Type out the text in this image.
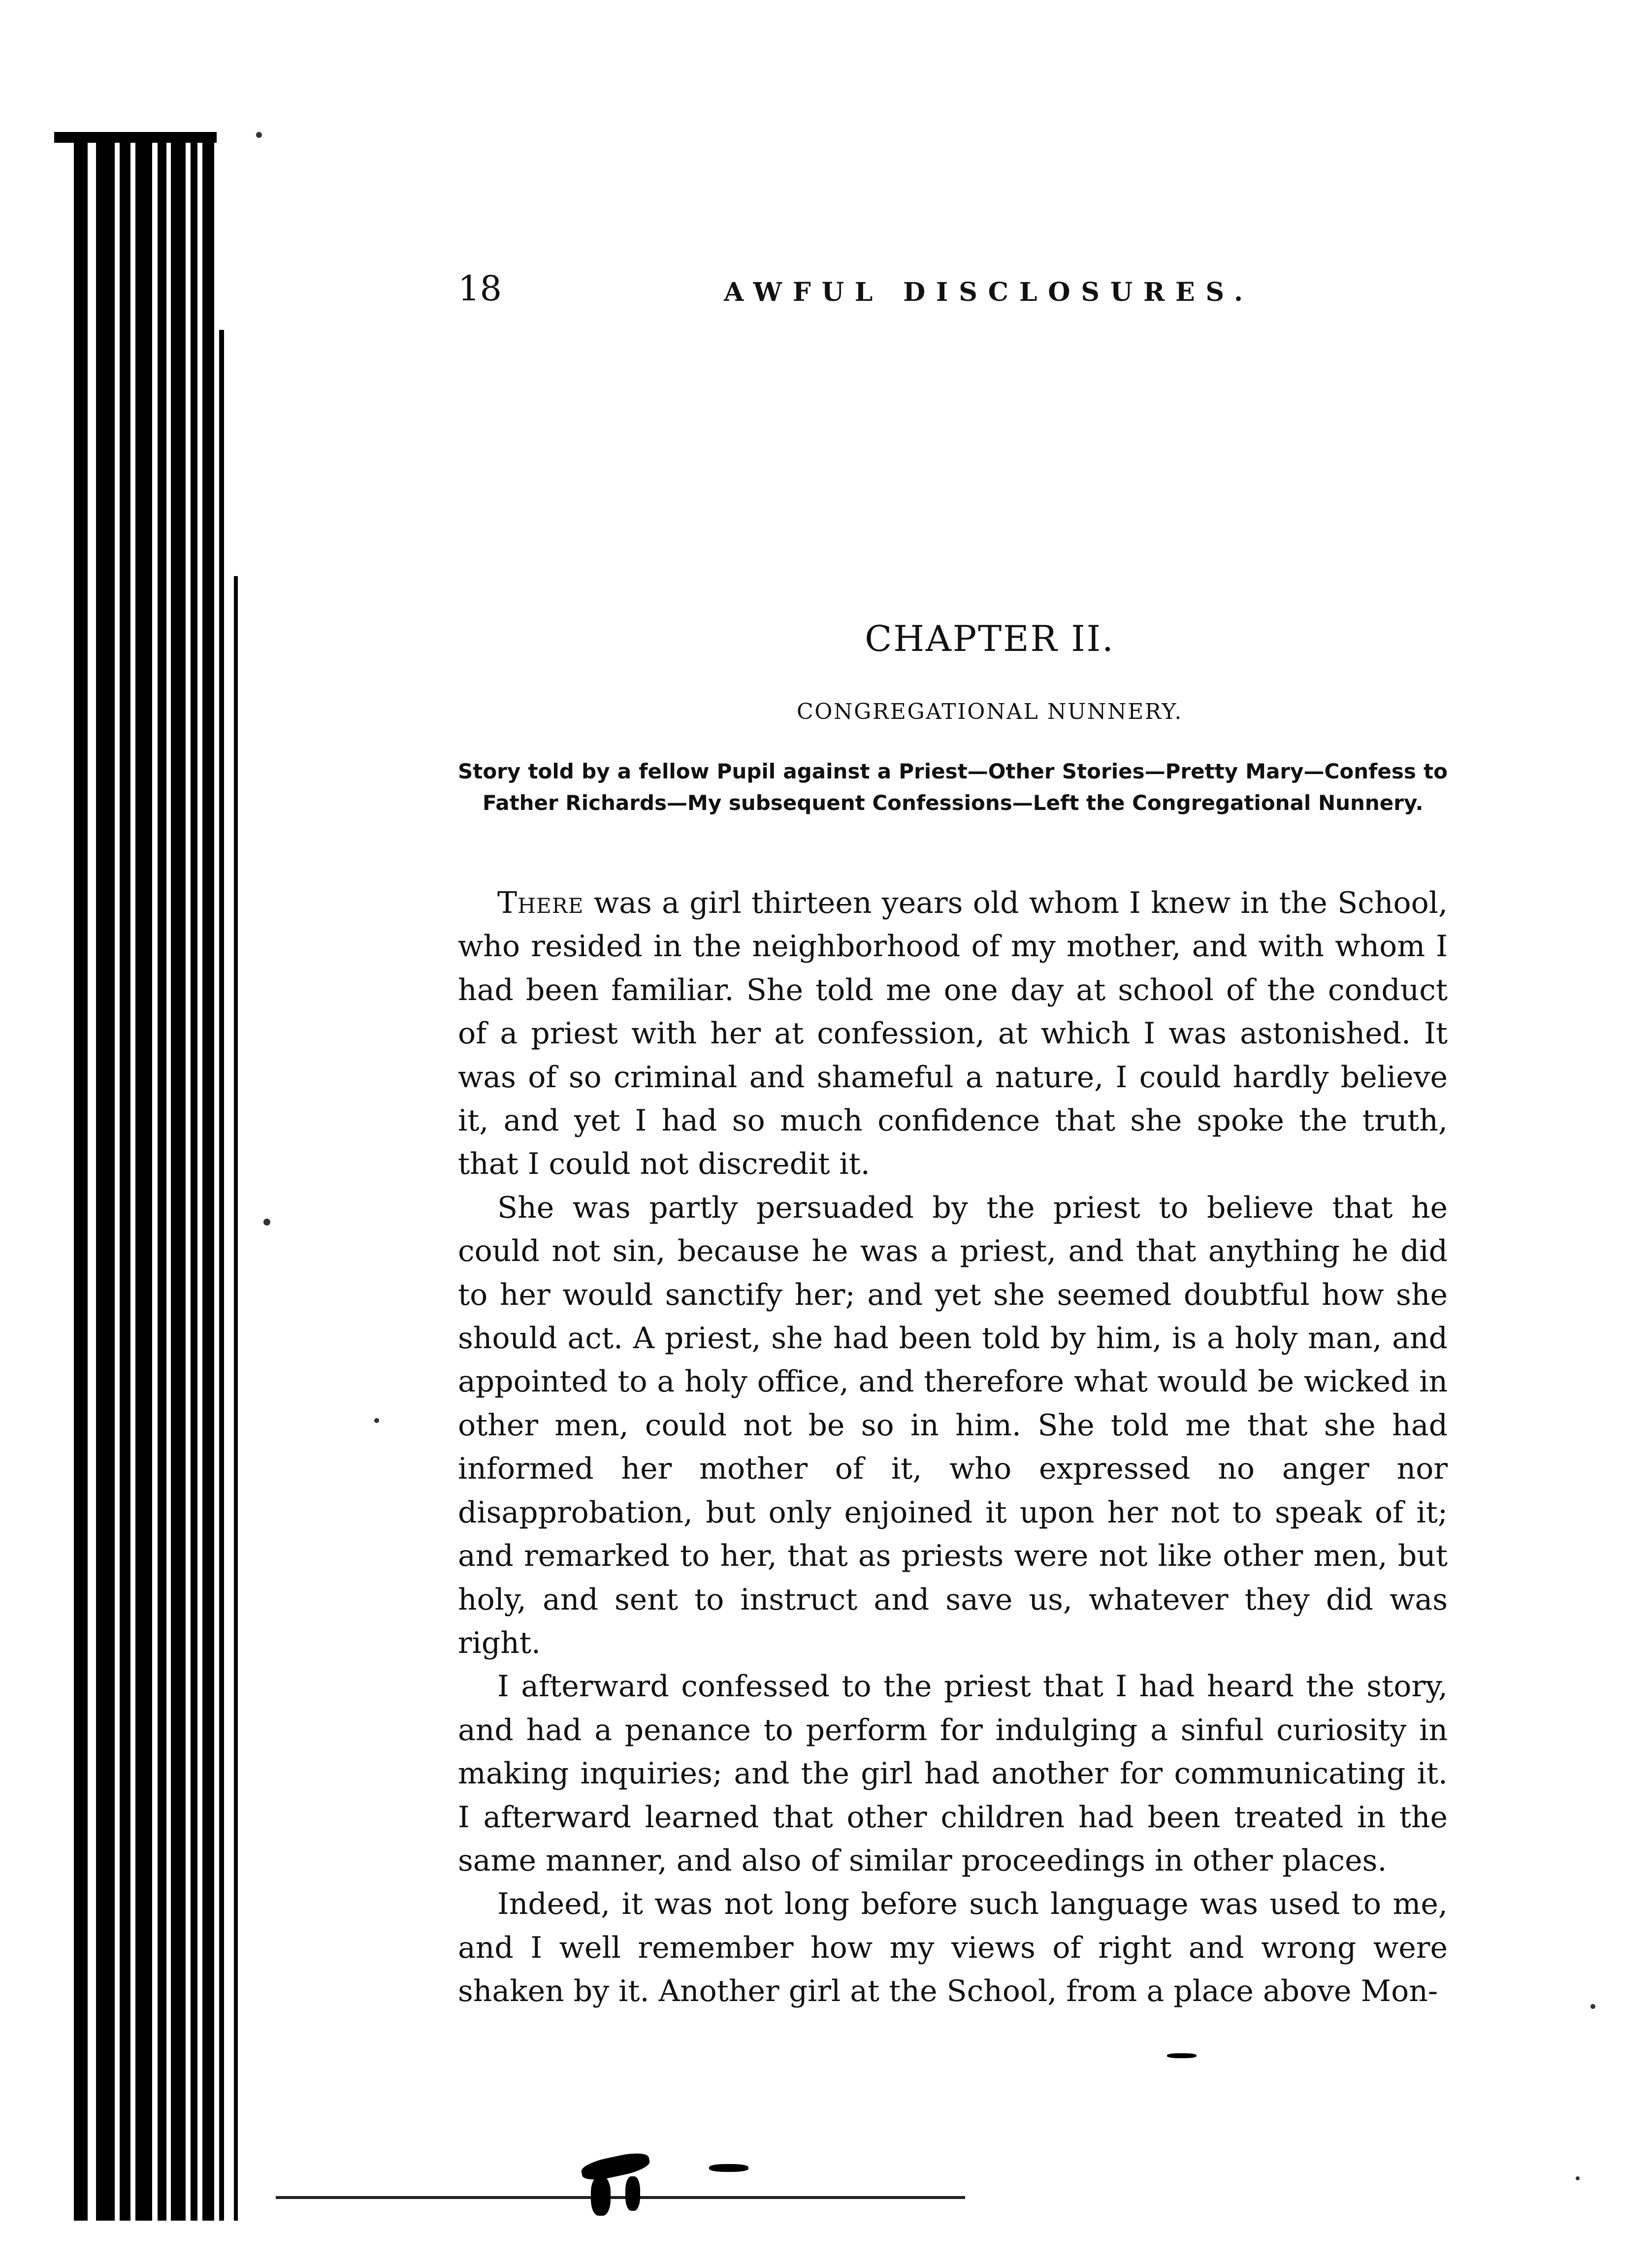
18	AWFUL DISCLOSURES.
CHAPTER II.
CONGREGATIONAL NUNNERY.
Story told by a fellow Pupil against a Priest—Other Stories—Pretty Mary—Confess to Father Richards—My subsequent Confessions—Left the Congregational Nunnery.

There was a girl thirteen years old whom I knew in the School, who resided in the neighborhood of my mother, and with whom I had been familiar. She told me one day at school of the conduct of a priest with her at confession, at which I was astonished. It was of so criminal and shameful a nature, I could hardly believe it, and yet I had so much confidence that she spoke the truth, that I could not discredit it.

She was partly persuaded by the priest to believe that he could not sin, because he was a priest, and that anything he did to her would sanctify her; and yet she seemed doubtful how she should act. A priest, she had been told by him, is a holy man, and appointed to a holy office, and therefore what would be wicked in other men, could not be so in him. She told me that she had informed her mother of it, who expressed no anger nor disapprobation, but only enjoined it upon her not to speak of it; and remarked to her, that as priests were not like other men, but holy, and sent to instruct and save us, whatever they did was right.

I afterward confessed to the priest that I had heard the story, and had a penance to perform for indulging a sinful curiosity in making inquiries; and the girl had another for communicating it. I afterward learned that other children had been treated in the same manner, and also of similar proceedings in other places.

Indeed, it was not long before such language was used to me, and I well remember how my views of right and wrong were shaken by it. Another girl at the School, from a place above Mon-
